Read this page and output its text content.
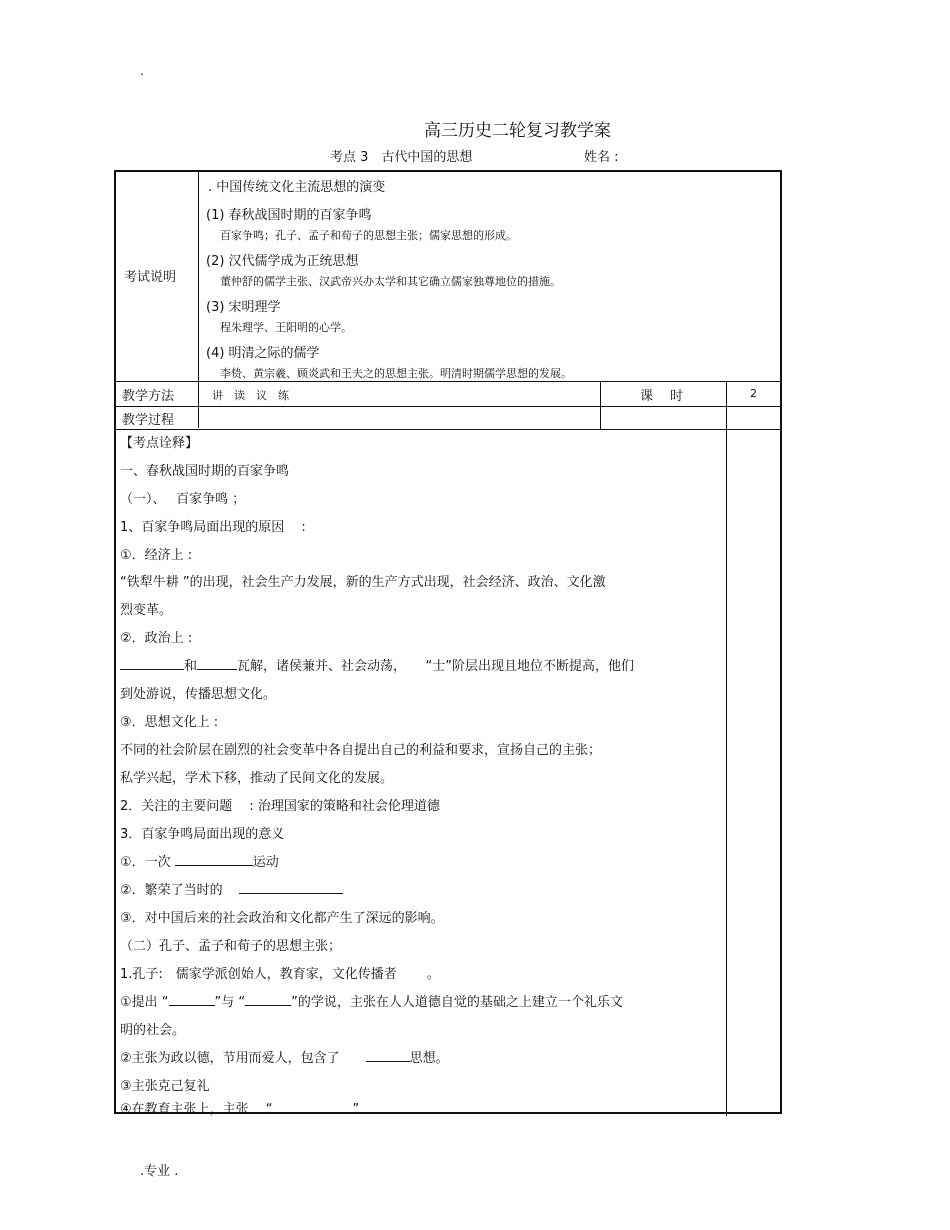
.
高三历史二轮复习教学案
考点 3　古代中国的思想	姓名 :
考试说明
. 中国传统文化主流思想的演变
(1) 春秋战国时期的百家争鸣
百家争鸣；孔子、孟子和荀子的思想主张；儒家思想的形成。
(2) 汉代儒学成为正统思想
董仲舒的儒学主张、汉武帝兴办太学和其它确立儒家独尊地位的措施。
(3) 宋明理学
程朱理学、王阳明的心学。
(4) 明清之际的儒学
李贽、黄宗羲、顾炎武和王夫之的思想主张。明清时期儒学思想的发展。
教学方法	讲　读　议　练	课　 时	2
教学过程
【考点诠释】
一、春秋战国时期的百家争鸣
（一）、　 百家争鸣 ；
1、百家争鸣局面出现的原因　 :
①．经济上 :
“铁犁牛耕 ”的出现，社会生产力发展，新的生产方式出现，社会经济、政治、文化激
烈变革。
②．政治上 :
和	瓦解，诸侯兼并、社会动荡，　　“士”阶层出现且地位不断提高，他们
到处游说，传播思想文化。
③．思想文化上 :
不同的社会阶层在剧烈的社会变革中各自提出自己的利益和要求，宣扬自己的主张；
私学兴起，学术下移，推动了民间文化的发展。
2．关注的主要问题　 : 治理国家的策略和社会伦理道德
3．百家争鸣局面出现的意义
①．一次	运动
②．繁荣了当时的
③．对中国后来的社会政治和文化都产生了深远的影响。
（二）孔子、孟子和荀子的思想主张；
1.孔子:　儒家学派创始人，教育家，文化传播者　　 。
①提出 “	”与 “	”的学说，主张在人人道德自觉的基础之上建立一个礼乐文
明的社会。
②主张为政以德，节用而爱人，包含了　　	思想。
③主张克己复礼
④在教育主张上，主张　 “	”
.专业 .
